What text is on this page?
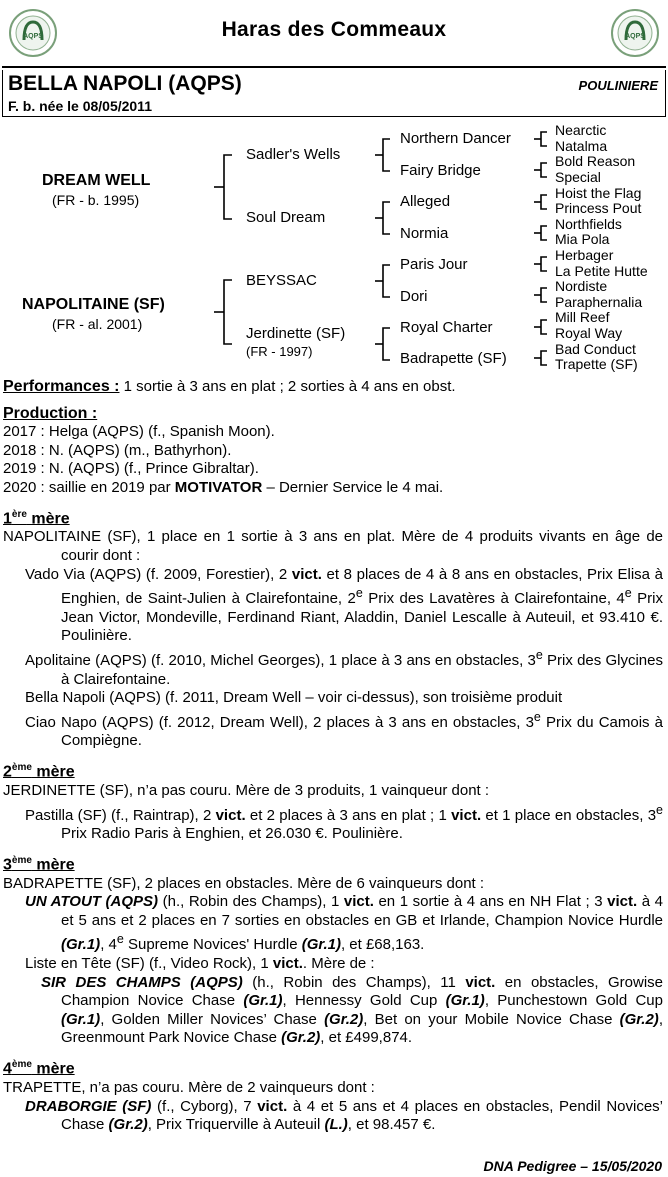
AQPS	AQPS
Haras des Commeaux
BELLA NAPOLI (AQPS)	POULINIERE
F. b. née le 08/05/2011
DREAM WELL
(FR - b. 1995)
NAPOLITAINE (SF)
(FR - al. 2001)
Sadler's Wells
Soul Dream
BEYSSAC
Jerdinette (SF)
(FR - 1997)
Northern Dancer
Fairy Bridge
Alleged
Normia
Paris Jour
Dori
Royal Charter
Badrapette (SF)
Nearctic
Natalma
Bold Reason
Special
Hoist the Flag
Princess Pout
Northfields
Mia Pola
Herbager
La Petite Hutte
Nordiste
Paraphernalia
Mill Reef
Royal Way
Bad Conduct
Trapette (SF)

Performances : 1 sortie à 3 ans en plat ; 2 sorties à 4 ans en obst.

Production :

2017 : Helga (AQPS) (f., Spanish Moon).

2018 : N. (AQPS) (m., Bathyrhon).

2019 : N. (AQPS) (f., Prince Gibraltar).

2020 : saillie en 2019 par MOTIVATOR – Dernier Service le 4 mai.

1ère mère

NAPOLITAINE (SF), 1 place en 1 sortie à 3 ans en plat. Mère de 4 produits vivants en âge de courir dont :

Vado Via (AQPS) (f. 2009, Forestier), 2 vict. et 8 places de 4 à 8 ans en obstacles, Prix Elisa à Enghien, de Saint-Julien à Clairefontaine, 2e Prix des Lavatères à Clairefontaine, 4e Prix Jean Victor, Mondeville, Ferdinand Riant, Aladdin, Daniel Lescalle à Auteuil, et 93.410 €. Poulinière.

Apolitaine (AQPS) (f. 2010, Michel Georges), 1 place à 3 ans en obstacles, 3e Prix des Glycines à Clairefontaine.

Bella Napoli (AQPS) (f. 2011, Dream Well – voir ci-dessus), son troisième produit

Ciao Napo (AQPS) (f. 2012, Dream Well), 2 places à 3 ans en obstacles, 3e Prix du Camois à Compiègne.

2ème mère

JERDINETTE (SF), n’a pas couru. Mère de 3 produits, 1 vainqueur dont :

Pastilla (SF) (f., Raintrap), 2 vict. et 2 places à 3 ans en plat ; 1 vict. et 1 place en obstacles, 3e Prix Radio Paris à Enghien, et 26.030 €. Poulinière.

3ème mère

BADRAPETTE (SF), 2 places en obstacles. Mère de 6 vainqueurs dont :

UN ATOUT (AQPS) (h., Robin des Champs), 1 vict. en 1 sortie à 4 ans en NH Flat ; 3 vict. à 4 et 5 ans et 2 places en 7 sorties en obstacles en GB et Irlande, Champion Novice Hurdle (Gr.1), 4e Supreme Novices' Hurdle (Gr.1), et £68,163.

Liste en Tête (SF) (f., Video Rock), 1 vict.. Mère de :

SIR DES CHAMPS (AQPS) (h., Robin des Champs), 11 vict. en obstacles, Growise Champion Novice Chase (Gr.1), Hennessy Gold Cup (Gr.1), Punchestown Gold Cup (Gr.1), Golden Miller Novices’ Chase (Gr.2), Bet on your Mobile Novice Chase (Gr.2), Greenmount Park Novice Chase (Gr.2), et £499,874.

4ème mère

TRAPETTE, n’a pas couru. Mère de 2 vainqueurs dont :

DRABORGIE (SF) (f., Cyborg), 7 vict. à 4 et 5 ans et 4 places en obstacles, Pendil Novices’ Chase (Gr.2), Prix Triquerville à Auteuil (L.), et 98.457 €.

DNA Pedigree – 15/05/2020
